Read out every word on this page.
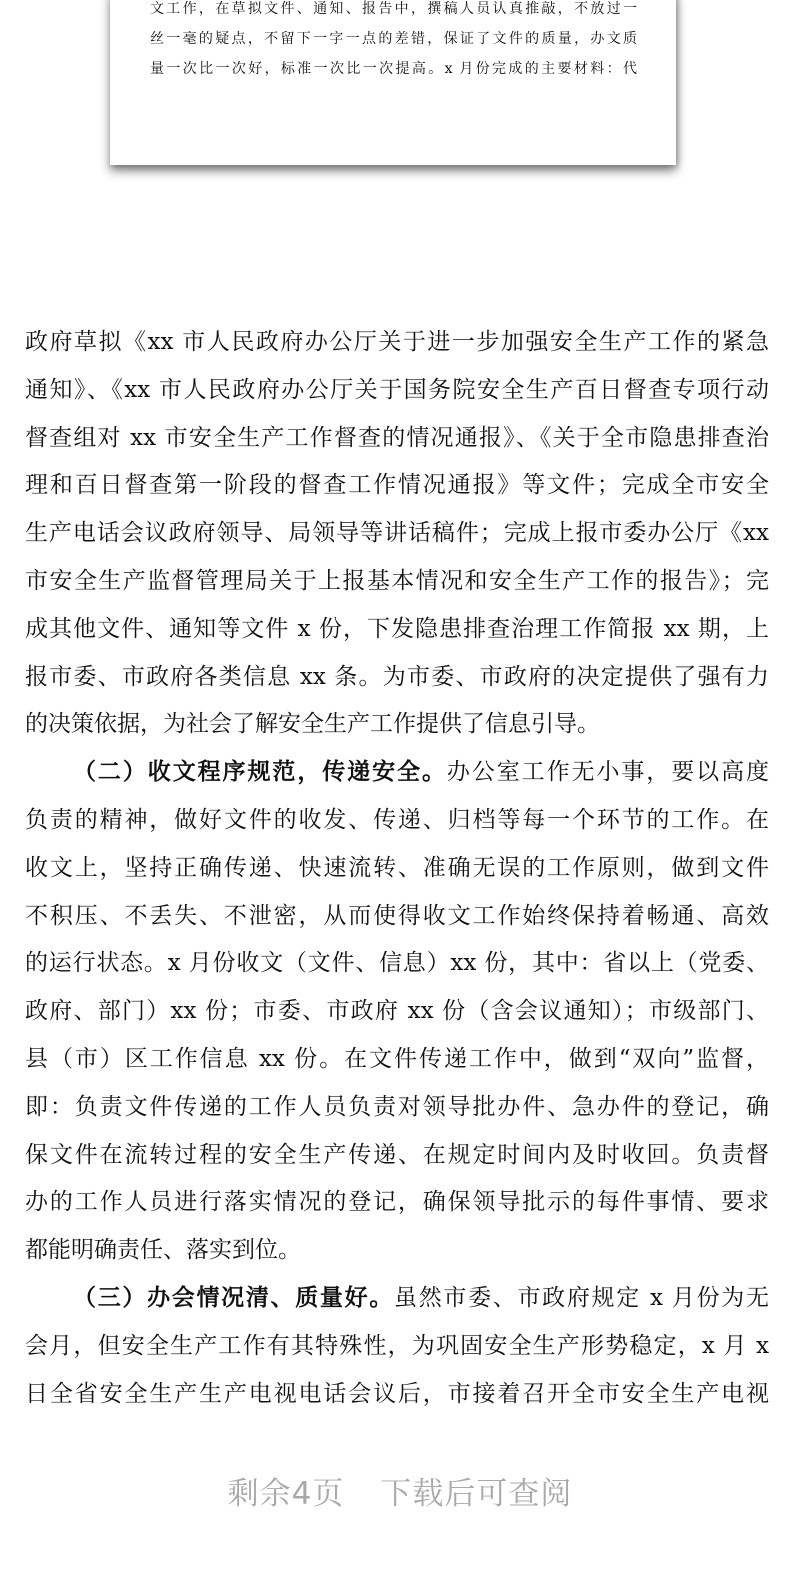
文工作，在草拟文件、通知、报告中，撰稿人员认真推敲，不放过一
丝一毫的疑点，不留下一字一点的差错，保证了文件的质量，办文质
量一次比一次好，标准一次比一次提高。x 月份完成的主要材料：代
政府草拟《xx 市人民政府办公厅关于进一步加强安全生产工作的紧急
通知》、《xx 市人民政府办公厅关于国务院安全生产百日督查专项行动
督查组对 xx 市安全生产工作督查的情况通报》、《关于全市隐患排查治
理和百日督查第一阶段的督查工作情况通报》等文件；完成全市安全
生产电话会议政府领导、局领导等讲话稿件；完成上报市委办公厅《xx
市安全生产监督管理局关于上报基本情况和安全生产工作的报告》；完
成其他文件、通知等文件 x 份，下发隐患排查治理工作简报 xx 期，上
报市委、市政府各类信息 xx 条。为市委、市政府的决定提供了强有力
的决策依据，为社会了解安全生产工作提供了信息引导。
（二）收文程序规范，传递安全。办公室工作无小事，要以高度
负责的精神，做好文件的收发、传递、归档等每一个环节的工作。在
收文上，坚持正确传递、快速流转、准确无误的工作原则，做到文件
不积压、不丢失、不泄密，从而使得收文工作始终保持着畅通、高效
的运行状态。x 月份收文（文件、信息）xx 份，其中：省以上（党委、
政府、部门）xx 份；市委、市政府 xx 份（含会议通知）；市级部门、
县（市）区工作信息 xx 份。在文件传递工作中，做到“双向”监督，
即：负责文件传递的工作人员负责对领导批办件、急办件的登记，确
保文件在流转过程的安全生产传递、在规定时间内及时收回。负责督
办的工作人员进行落实情况的登记，确保领导批示的每件事情、要求
都能明确责任、落实到位。
（三）办会情况清、质量好。虽然市委、市政府规定 x 月份为无
会月，但安全生产工作有其特殊性，为巩固安全生产形势稳定，x 月 x
日全省安全生产生产电视电话会议后，市接着召开全市安全生产电视
剩余4页 下载后可查阅
